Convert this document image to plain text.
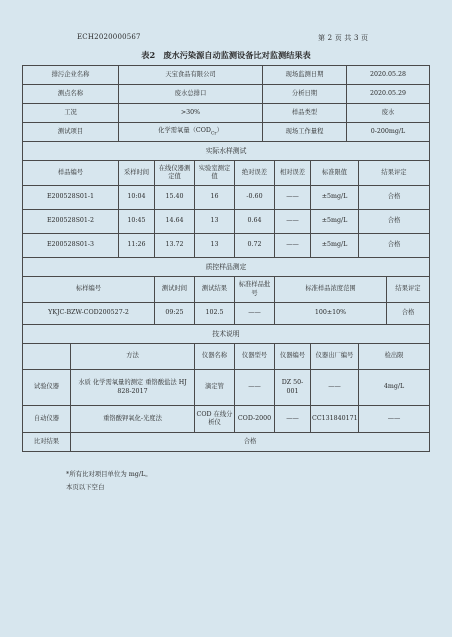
ECH2020000567	第 2 页 共 3 页
表2　废水污染源自动监测设备比对监测结果表
排污企业名称		天宝食品有限公司				现场监测日期			2020.05.28		
测点名称		废水总排口				分析日期			2020.05.29		
工况		>30%				样品类型			废水		
测试项目		化学需氧量$(COD_{Cr})$				现场工作量程			0-200mg/L		
实际水样测试											
样品编号		采样时间	在线仪器测定值	实验室测定值	绝对误差		相对误差	标准限值		结果评定	
E200528S01-1		10:04	15.40	16	-0.60		——	±5mg/L		合格	
E200528S01-2		10:45	14.64	13	0.64		——	±5mg/L		合格	
E200528S01-3		11:26	13.72	13	0.72		——	±5mg/L		合格	
质控样品测定											
标样编号			测试时间	测试结果	标准样品批号		标准样品浓度范围				结果评定
YKJC-BZW-COD200527-2			09:25	102.5	——		100±10%				合格
技术说明											
	方法			仪器名称	仪器型号		仪器编号	仪器出厂编号		检出限	
试验仪器	水质 化学需氧量的测定 重铬酸盐法 HJ 828-2017			滴定管	——		DZ 50-001	——		4mg/L	
自动仪器	重铬酸钾氧化-光度法			COD 在线分析仪	COD-2000		——	CC131840171		——	
比对结果	合格										
*所有比对项目单位为 mg/L。
本页以下空白
